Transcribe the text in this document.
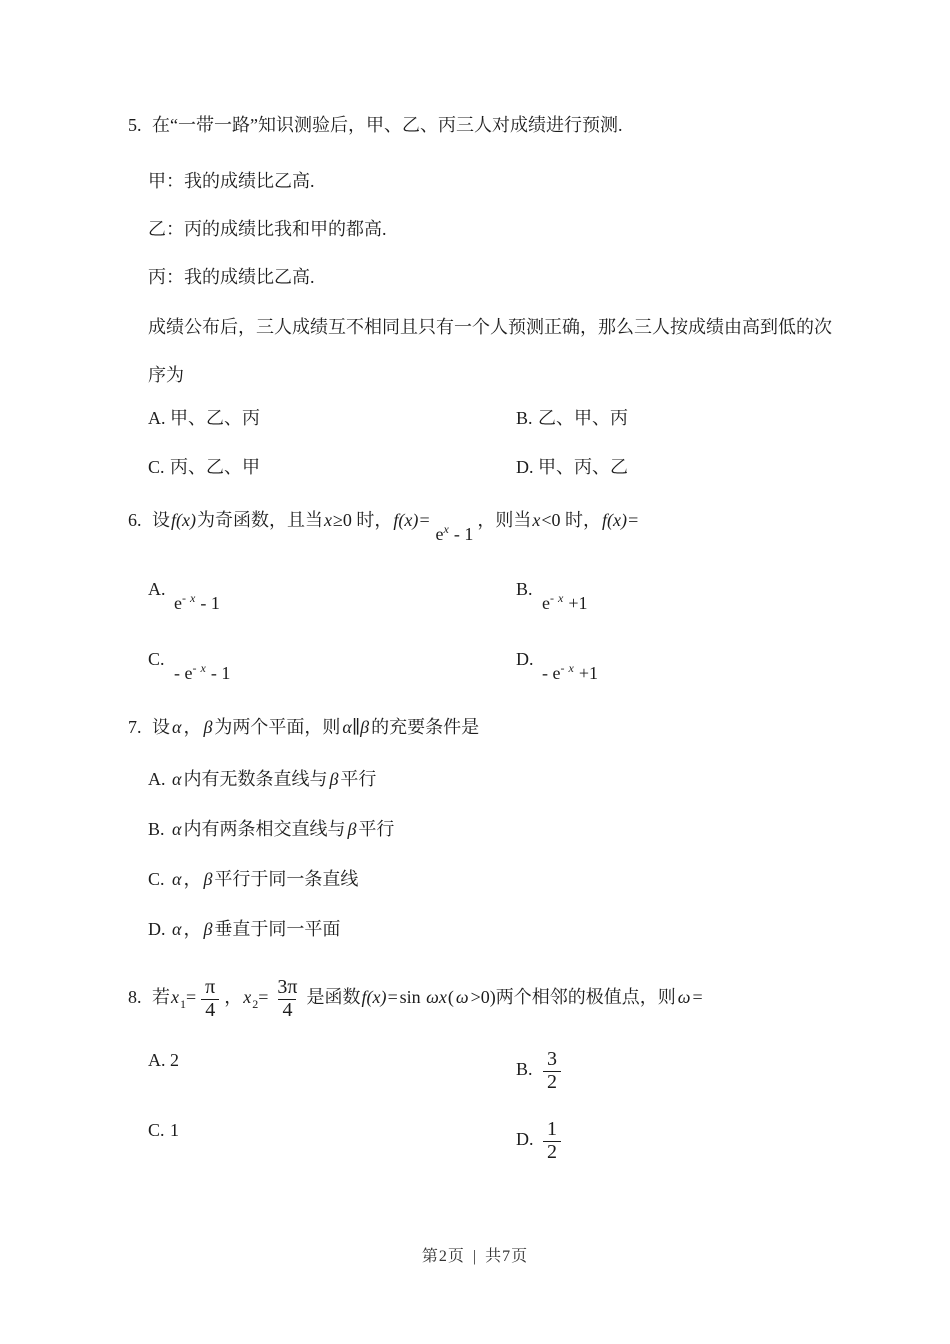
5. 在“一带一路”知识测验后，甲、乙、丙三人对成绩进行预测.
甲：我的成绩比乙高.
乙：丙的成绩比我和甲的都高.
丙：我的成绩比乙高.
成绩公布后，三人成绩互不相同且只有一个人预测正确，那么三人按成绩由高到低的次
序为
A. 甲、乙、丙	B. 乙、甲、丙
C. 丙、乙、甲	D. 甲、丙、乙
6. 设f(x)为奇函数，且当x≥0 时，$f(x)=e^x - 1$，则当x<0 时，f(x)=
$A.e^{- x} - 1$
$B.e^{- x} +1$
C.- $e^{- x} - 1$
D.- $e^{- x} +1$
7. 设 α ， β 为两个平面，则 α∥β 的充要条件是
A. α 内有无数条直线与 β 平行
B. α 内有两条相交直线与 β 平行
C. α ， β 平行于同一条直线
D. α ， β 垂直于同一平面
8. 若$x_1= \frac{\pi}{4}$ ，$x_2= \frac{3\pi}{4}$ 是函数f(x)=sin ωx( ω >0)两个相邻的极值点，则 ω =
A. 2	B. $\frac{3}{2}$
C. 1	D. $\frac{1}{2}$
第2页 | 共7页
